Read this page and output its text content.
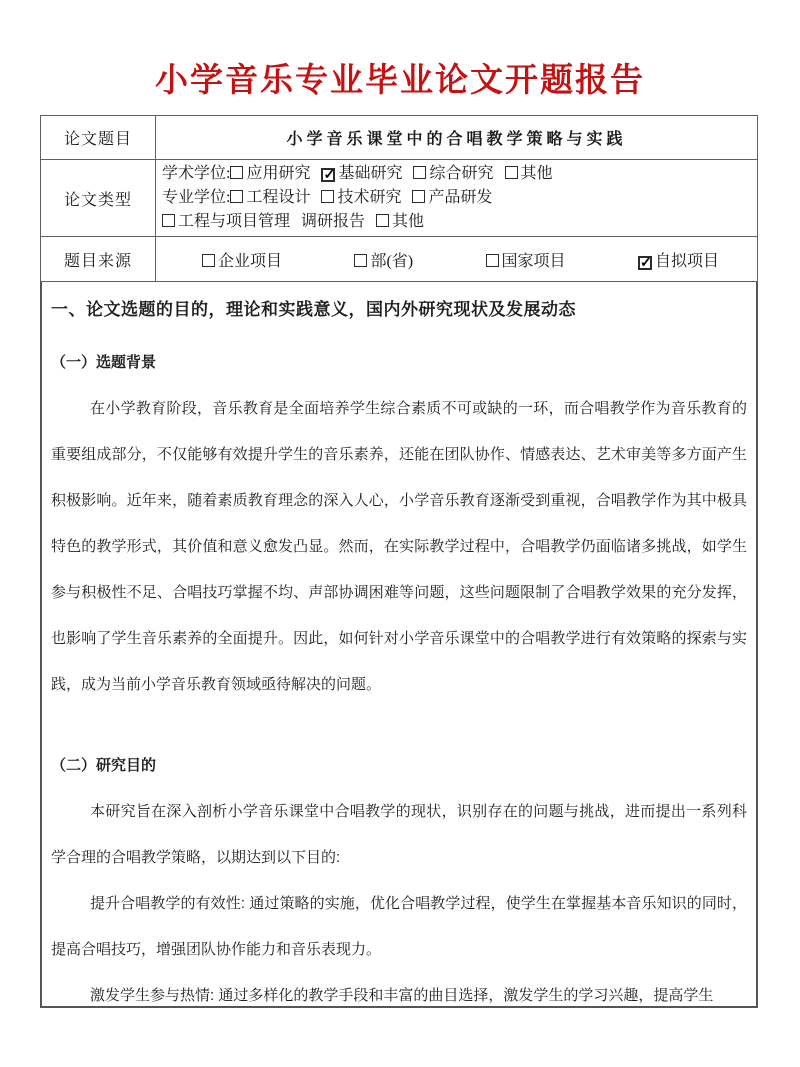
小学音乐专业毕业论文开题报告
论文题目	小学音乐课堂中的合唱教学策略与实践
论文类型	学术学位: 应用研究 ✓ 基础研究 综合研究 其他
专业学位: 工程设计 技术研究 产品研发
工程与项目管理 调研报告 其他

题目来源	企业项目 部(省) 国家项目 ✓ 自拟项目
一、论文选题的目的，理论和实践意义，国内外研究现状及发展动态
（一）选题背景

在小学教育阶段，音乐教育是全面培养学生综合素质不可或缺的一环，而合唱教学作为音乐教育的重要组成部分，不仅能够有效提升学生的音乐素养，还能在团队协作、情感表达、艺术审美等多方面产生积极影响。近年来，随着素质教育理念的深入人心，小学音乐教育逐渐受到重视，合唱教学作为其中极具特色的教学形式，其价值和意义愈发凸显。然而，在实际教学过程中，合唱教学仍面临诸多挑战，如学生参与积极性不足、合唱技巧掌握不均、声部协调困难等问题，这些问题限制了合唱教学效果的充分发挥，也影响了学生音乐素养的全面提升。因此，如何针对小学音乐课堂中的合唱教学进行有效策略的探索与实践，成为当前小学音乐教育领域亟待解决的问题。

（二）研究目的

本研究旨在深入剖析小学音乐课堂中合唱教学的现状，识别存在的问题与挑战，进而提出一系列科学合理的合唱教学策略，以期达到以下目的:

提升合唱教学的有效性: 通过策略的实施，优化合唱教学过程，使学生在掌握基本音乐知识的同时，提高合唱技巧，增强团队协作能力和音乐表现力。

激发学生参与热情: 通过多样化的教学手段和丰富的曲目选择，激发学生的学习兴趣，提高学生
